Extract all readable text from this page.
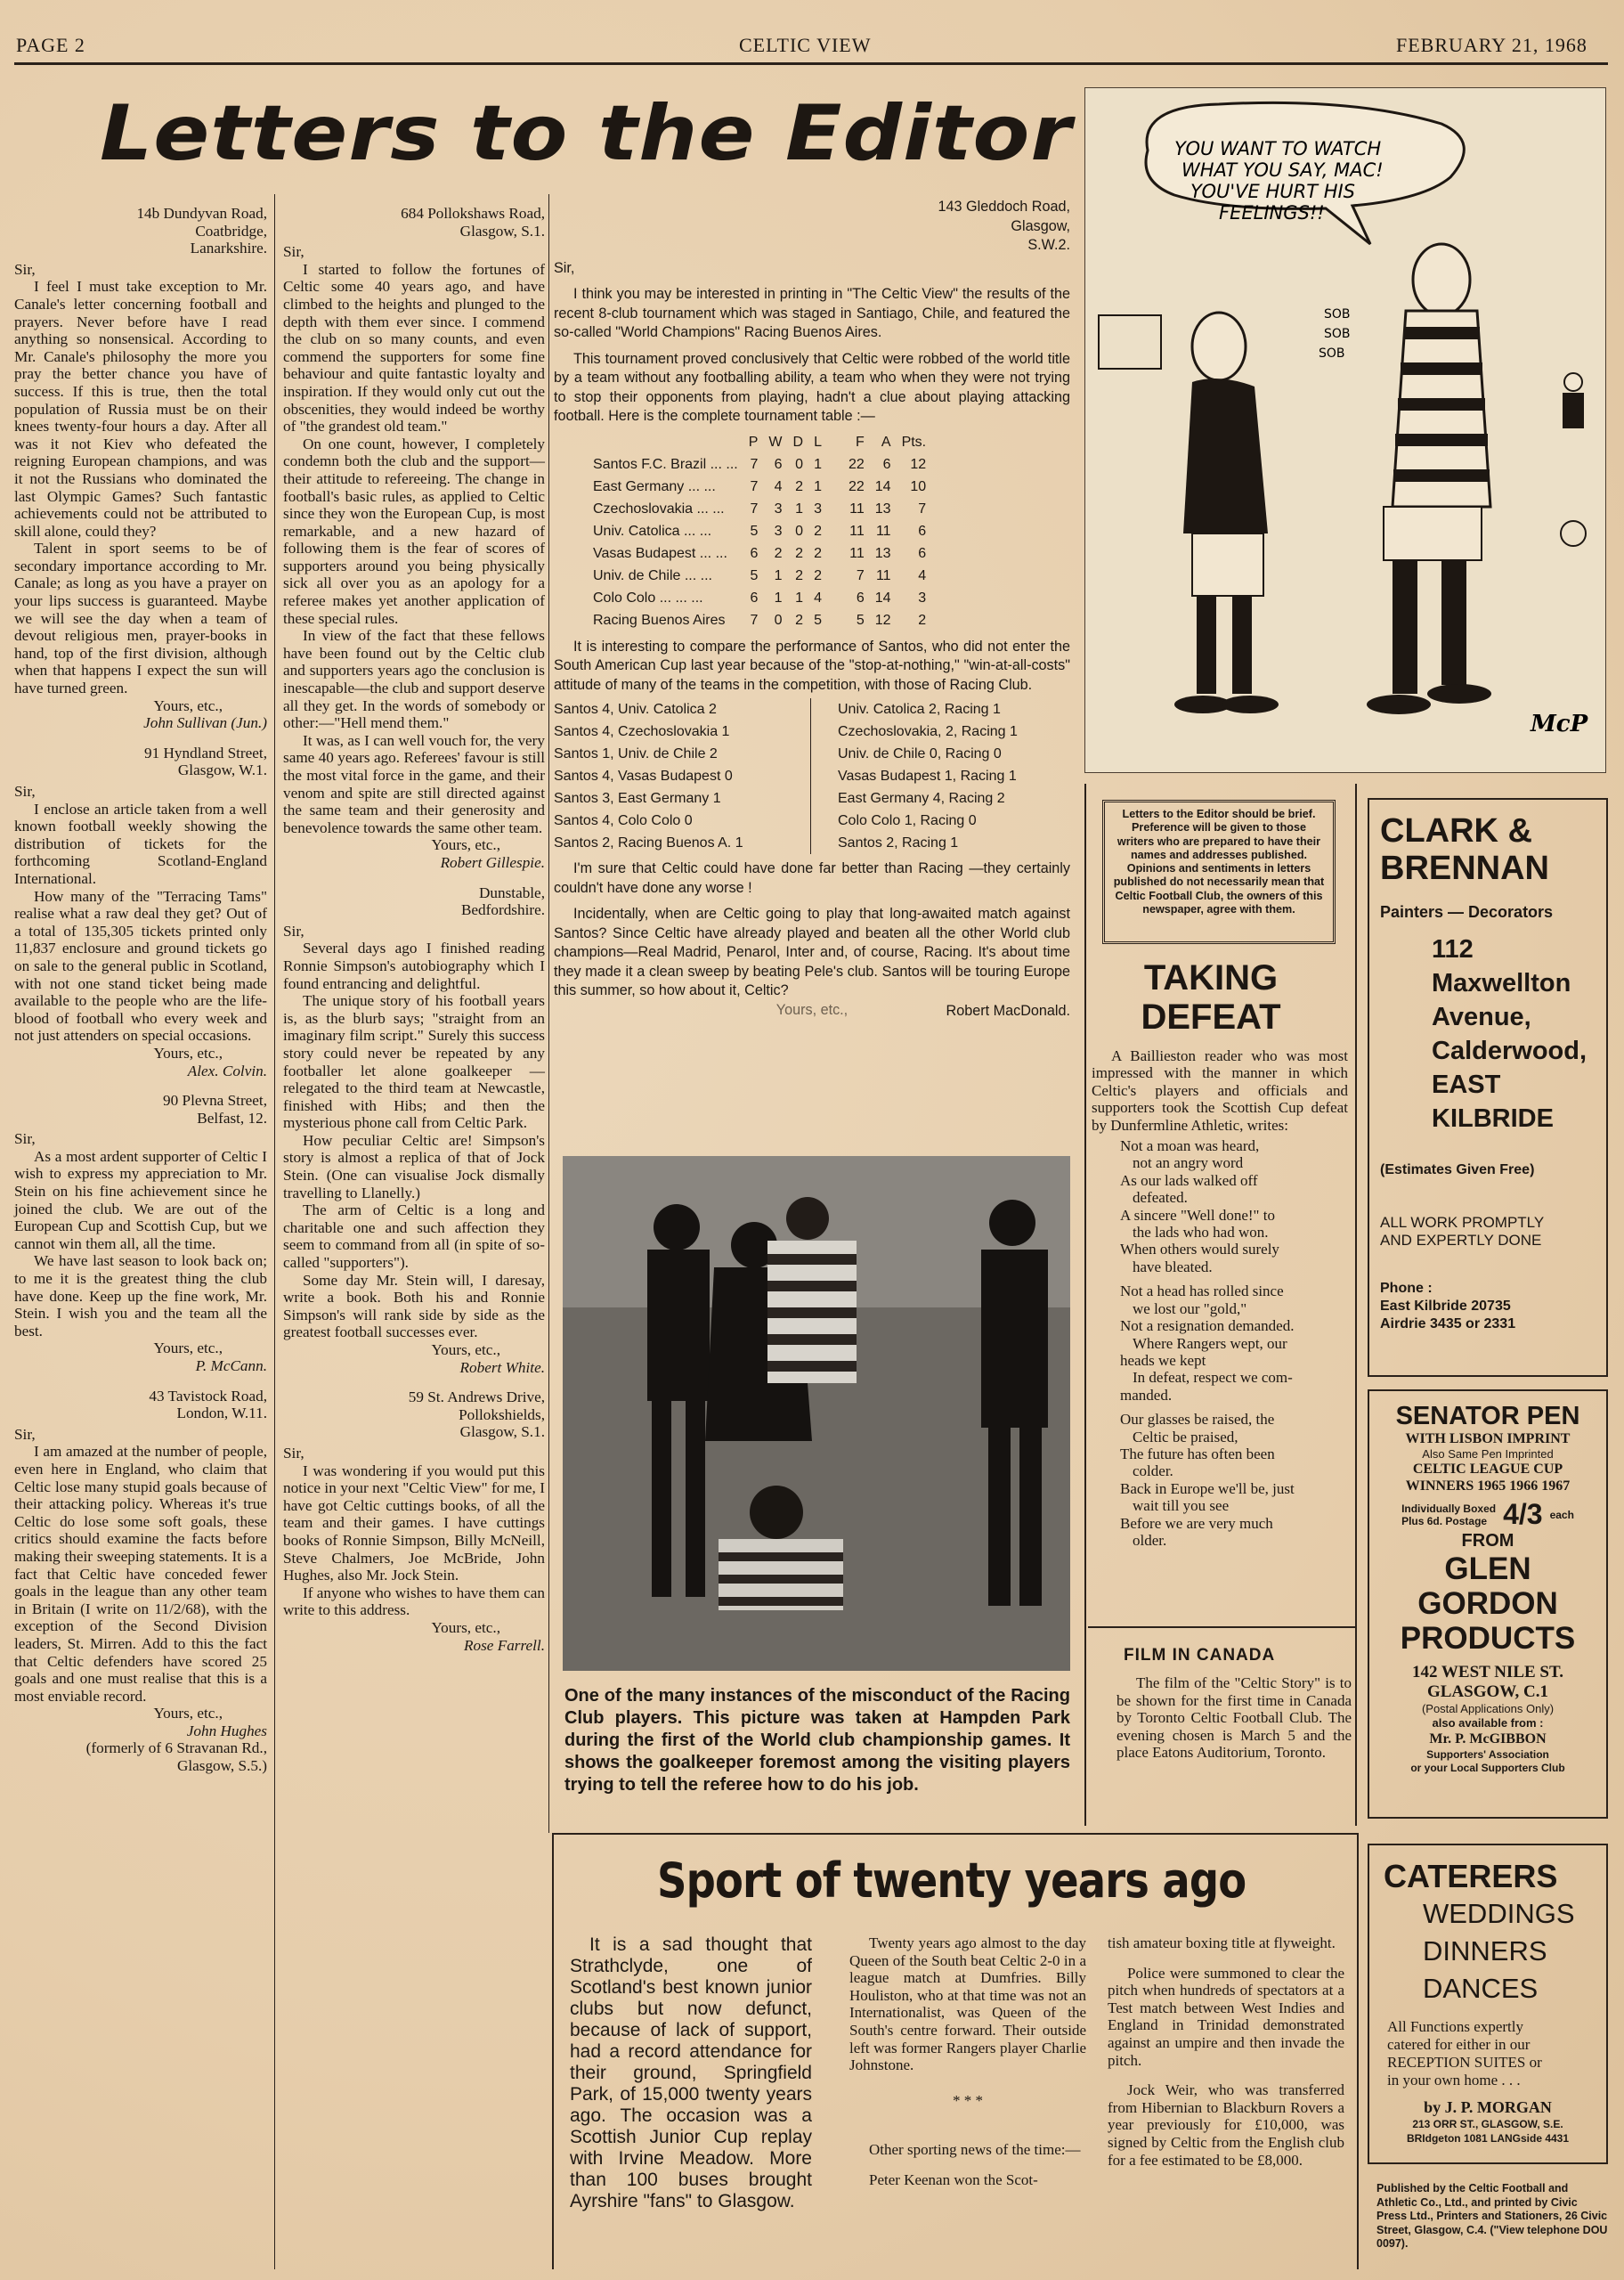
PAGE 2	CELTIC VIEW	FEBRUARY 21, 1968
Letters to the Editor

14b Dundyvan Road,

Coatbridge,

Lanarkshire.

Sir,

I feel I must take exception to Mr. Canale's letter concerning football and prayers. Never before have I read anything so nonsensical. According to Mr. Canale's philosophy the more you pray the better chance you have of success. If this is true, then the total population of Russia must be on their knees twenty-four hours a day. After all was it not Kiev who defeated the reigning European champions, and was it not the Russians who dominated the last Olympic Games? Such fantastic achievements could not be attributed to skill alone, could they?

Talent in sport seems to be of secondary importance according to Mr. Canale; as long as you have a prayer on your lips success is guaranteed. Maybe we will see the day when a team of devout religious men, prayer-books in hand, top of the first division, although when that happens I expect the sun will have turned green.

Yours, etc.,

John Sullivan (Jun.)

91 Hyndland Street,

Glasgow, W.1.

Sir,

I enclose an article taken from a well known football weekly showing the distribution of tickets for the forthcoming Scotland-England International.

How many of the "Terracing Tams" realise what a raw deal they get? Out of a total of 135,305 tickets printed only 11,837 enclosure and ground tickets go on sale to the general public in Scotland, with not one stand ticket being made available to the people who are the life-blood of football who every week and not just attenders on special occasions.

Yours, etc.,

Alex. Colvin.

90 Plevna Street,

Belfast, 12.

Sir,

As a most ardent supporter of Celtic I wish to express my appreciation to Mr. Stein on his fine achievement since he joined the club. We are out of the European Cup and Scottish Cup, but we cannot win them all, all the time.

We have last season to look back on; to me it is the greatest thing the club have done. Keep up the fine work, Mr. Stein. I wish you and the team all the best.

Yours, etc.,

P. McCann.

43 Tavistock Road,

London, W.11.

Sir,

I am amazed at the number of people, even here in England, who claim that Celtic lose many stupid goals because of their attacking policy. Whereas it's true Celtic do lose some soft goals, these critics should examine the facts before making their sweeping statements. It is a fact that Celtic have conceded fewer goals in the league than any other team in Britain (I write on 11/2/68), with the exception of the Second Division leaders, St. Mirren. Add to this the fact that Celtic defenders have scored 25 goals and one must realise that this is a most enviable record.

Yours, etc.,

John Hughes

(formerly of 6 Stravanan Rd.,

Glasgow, S.5.)

684 Pollokshaws Road,

Glasgow, S.1.

Sir,

I started to follow the fortunes of Celtic some 40 years ago, and have climbed to the heights and plunged to the depth with them ever since. I commend the club on so many counts, and even commend the supporters for some fine behaviour and quite fantastic loyalty and inspiration. If they would only cut out the obscenities, they would indeed be worthy of "the grandest old team."

On one count, however, I completely condemn both the club and the support—their attitude to refereeing. The change in football's basic rules, as applied to Celtic since they won the European Cup, is most remarkable, and a new hazard of following them is the fear of scores of supporters around you being physically sick all over you as an apology for a referee makes yet another application of these special rules.

In view of the fact that these fellows have been found out by the Celtic club and supporters years ago the conclusion is inescapable—the club and support deserve all they get. In the words of somebody or other:—"Hell mend them."

It was, as I can well vouch for, the very same 40 years ago. Referees' favour is still the most vital force in the game, and their venom and spite are still directed against the same team and their generosity and benevolence towards the same other team.

Yours, etc.,

Robert Gillespie.

Dunstable,

Bedfordshire.

Sir,

Several days ago I finished reading Ronnie Simpson's autobiography which I found entrancing and delightful.

The unique story of his football years is, as the blurb says; "straight from an imaginary film script." Surely this success story could never be repeated by any footballer let alone goalkeeper — relegated to the third team at Newcastle, finished with Hibs; and then the mysterious phone call from Celtic Park.

How peculiar Celtic are! Simpson's story is almost a replica of that of Jock Stein. (One can visualise Jock dismally travelling to Llanelly.)

The arm of Celtic is a long and charitable one and such affection they seem to command from all (in spite of so-called "supporters").

Some day Mr. Stein will, I daresay, write a book. Both his and Ronnie Simpson's will rank side by side as the greatest football successes ever.

Yours, etc.,

Robert White.

59 St. Andrews Drive,

Pollokshields,

Glasgow, S.1.

Sir,

I was wondering if you would put this notice in your next "Celtic View" for me, I have got Celtic cuttings books, of all the team and their games. I have cuttings books of Ronnie Simpson, Billy McNeill, Steve Chalmers, Joe McBride, John Hughes, also Mr. Jock Stein.

If anyone who wishes to have them can write to this address.

Yours, etc.,

Rose Farrell.

143 Gleddoch Road,

Glasgow,

S.W.2.

Sir,

I think you may be interested in printing in "The Celtic View" the results of the recent 8-club tournament which was staged in Santiago, Chile, and featured the so-called "World Champions" Racing Buenos Aires.

This tournament proved conclusively that Celtic were robbed of the world title by a team without any footballing ability, a team who when they were not trying to stop their opponents from playing, hadn't a clue about playing attacking football. Here is the complete tournament table :—

	P	W	D	L	F	A	Pts.
Santos F.C. Brazil ... ...	7	6	0	1	22	6	12
East Germany ... ...	7	4	2	1	22	14	10
Czechoslovakia ... ...	7	3	1	3	11	13	7
Univ. Catolica ... ...	5	3	0	2	11	11	6
Vasas Budapest ... ...	6	2	2	2	11	13	6
Univ. de Chile ... ...	5	1	2	2	7	11	4
Colo Colo ... ... ...	6	1	1	4	6	14	3
Racing Buenos Aires	7	0	2	5	5	12	2

It is interesting to compare the performance of Santos, who did not enter the South American Cup last year because of the "stop-at-nothing," "win-at-all-costs" attitude of many of the teams in the competition, with those of Racing Club.

Santos 4, Univ. Catolica 2
Santos 4, Czechoslovakia 1
Santos 1, Univ. de Chile 2
Santos 4, Vasas Budapest 0
Santos 3, East Germany 1
Santos 4, Colo Colo 0
Santos 2, Racing Buenos A. 1
Univ. Catolica 2, Racing 1
Czechoslovakia, 2, Racing 1
Univ. de Chile 0, Racing 0
Vasas Budapest 1, Racing 1
East Germany 4, Racing 2
Colo Colo 1, Racing 0
Santos 2, Racing 1

I'm sure that Celtic could have done far better than Racing —they certainly couldn't have done any worse !

Incidentally, when are Celtic going to play that long-awaited match against Santos? Since Celtic have already played and beaten all the other World club champions—Real Madrid, Penarol, Inter and, of course, Racing. It's about time they made it a clean sweep by beating Pele's club. Santos will be touring Europe this summer, so how about it, Celtic?

Yours, etc.,	Robert MacDonald.

YOU WANT TO WATCH
WHAT YOU SAY, MAC!
YOU'VE HURT HIS
FEELINGS!!
SOB
SOB
SOB
McP
One of the many instances of the misconduct of the Racing Club players. This picture was taken at Hampden Park during the first of the World club championship games. It shows the goalkeeper foremost among the visiting players trying to tell the referee how to do his job.
Letters to the Editor should be brief. Preference will be given to those writers who are prepared to have their names and addresses published. Opinions and sentiments in letters published do not necessarily mean that Celtic Football Club, the owners of this newspaper, agree with them.
TAKING
DEFEAT

A Baillieston reader who was most impressed with the manner in which Celtic's players and officials and supporters took the Scottish Cup defeat by Dunfermline Athletic, writes:

Not a moan was heard,
not an angry word
As our lads walked off
defeated.
A sincere "Well done!" to
the lads who had won.
When others would surely
have bleated.
Not a head has rolled since
we lost our "gold,"
Not a resignation demanded.
Where Rangers wept, our
heads we kept
In defeat, respect we com-
manded.
Our glasses be raised, the
Celtic be praised,
The future has often been
colder.
Back in Europe we'll be, just
wait till you see
Before we are very much
older.
FILM IN CANADA

The film of the "Celtic Story" is to be shown for the first time in Canada by Toronto Celtic Football Club. The evening chosen is March 5 and the place Eatons Auditorium, Toronto.

CLARK &
BRENNAN
Painters — Decorators
112
Maxwellton
Avenue,
Calderwood,
EAST
KILBRIDE
(Estimates Given Free)
ALL WORK PROMPTLY
AND EXPERTLY DONE
Phone :
East Kilbride 20735
Airdrie 3435 or 2331
SENATOR PEN
WITH LISBON IMPRINT
Also Same Pen Imprinted
CELTIC LEAGUE CUP
WINNERS 1965 1966 1967
Individually Boxed
Plus 6d. Postage 4/3 each
FROM
GLEN
GORDON
PRODUCTS
142 WEST NILE ST.
GLASGOW, C.1
(Postal Applications Only)
also available from :
Mr. P. McGIBBON
Supporters' Association
or your Local Supporters Club
CATERERS
WEDDINGS
DINNERS
DANCES
All Functions expertly
catered for either in our
RECEPTION SUITES or
in your own home . . .
by J. P. MORGAN
213 ORR ST., GLASGOW, S.E.
BRIdgeton 1081 LANGside 4431
Published by the Celtic Football and Athletic Co., Ltd., and printed by Civic Press Ltd., Printers and Stationers, 26 Civic Street, Glasgow, C.4. ("View telephone DOU 0097).
Sport of twenty years ago

It is a sad thought that Strathclyde, one of Scotland's best known junior clubs but now defunct, because of lack of support, had a record attendance for their ground, Springfield Park, of 15,000 twenty years ago. The occasion was a Scottish Junior Cup replay with Irvine Meadow. More than 100 buses brought Ayrshire "fans" to Glasgow.

Twenty years ago almost to the day Queen of the South beat Celtic 2-0 in a league match at Dumfries. Billy Houliston, who at that time was not an Internationalist, was Queen of the South's centre forward. Their outside left was former Rangers player Charlie Johnstone.

* * *

Other sporting news of the time:—

Peter Keenan won the Scot-

tish amateur boxing title at flyweight.

Police were summoned to clear the pitch when hundreds of spectators at a Test match between West Indies and England in Trinidad demonstrated against an umpire and then invade the pitch.

Jock Weir, who was transferred from Hibernian to Blackburn Rovers a year previously for £10,000, was signed by Celtic from the English club for a fee estimated to be £8,000.
